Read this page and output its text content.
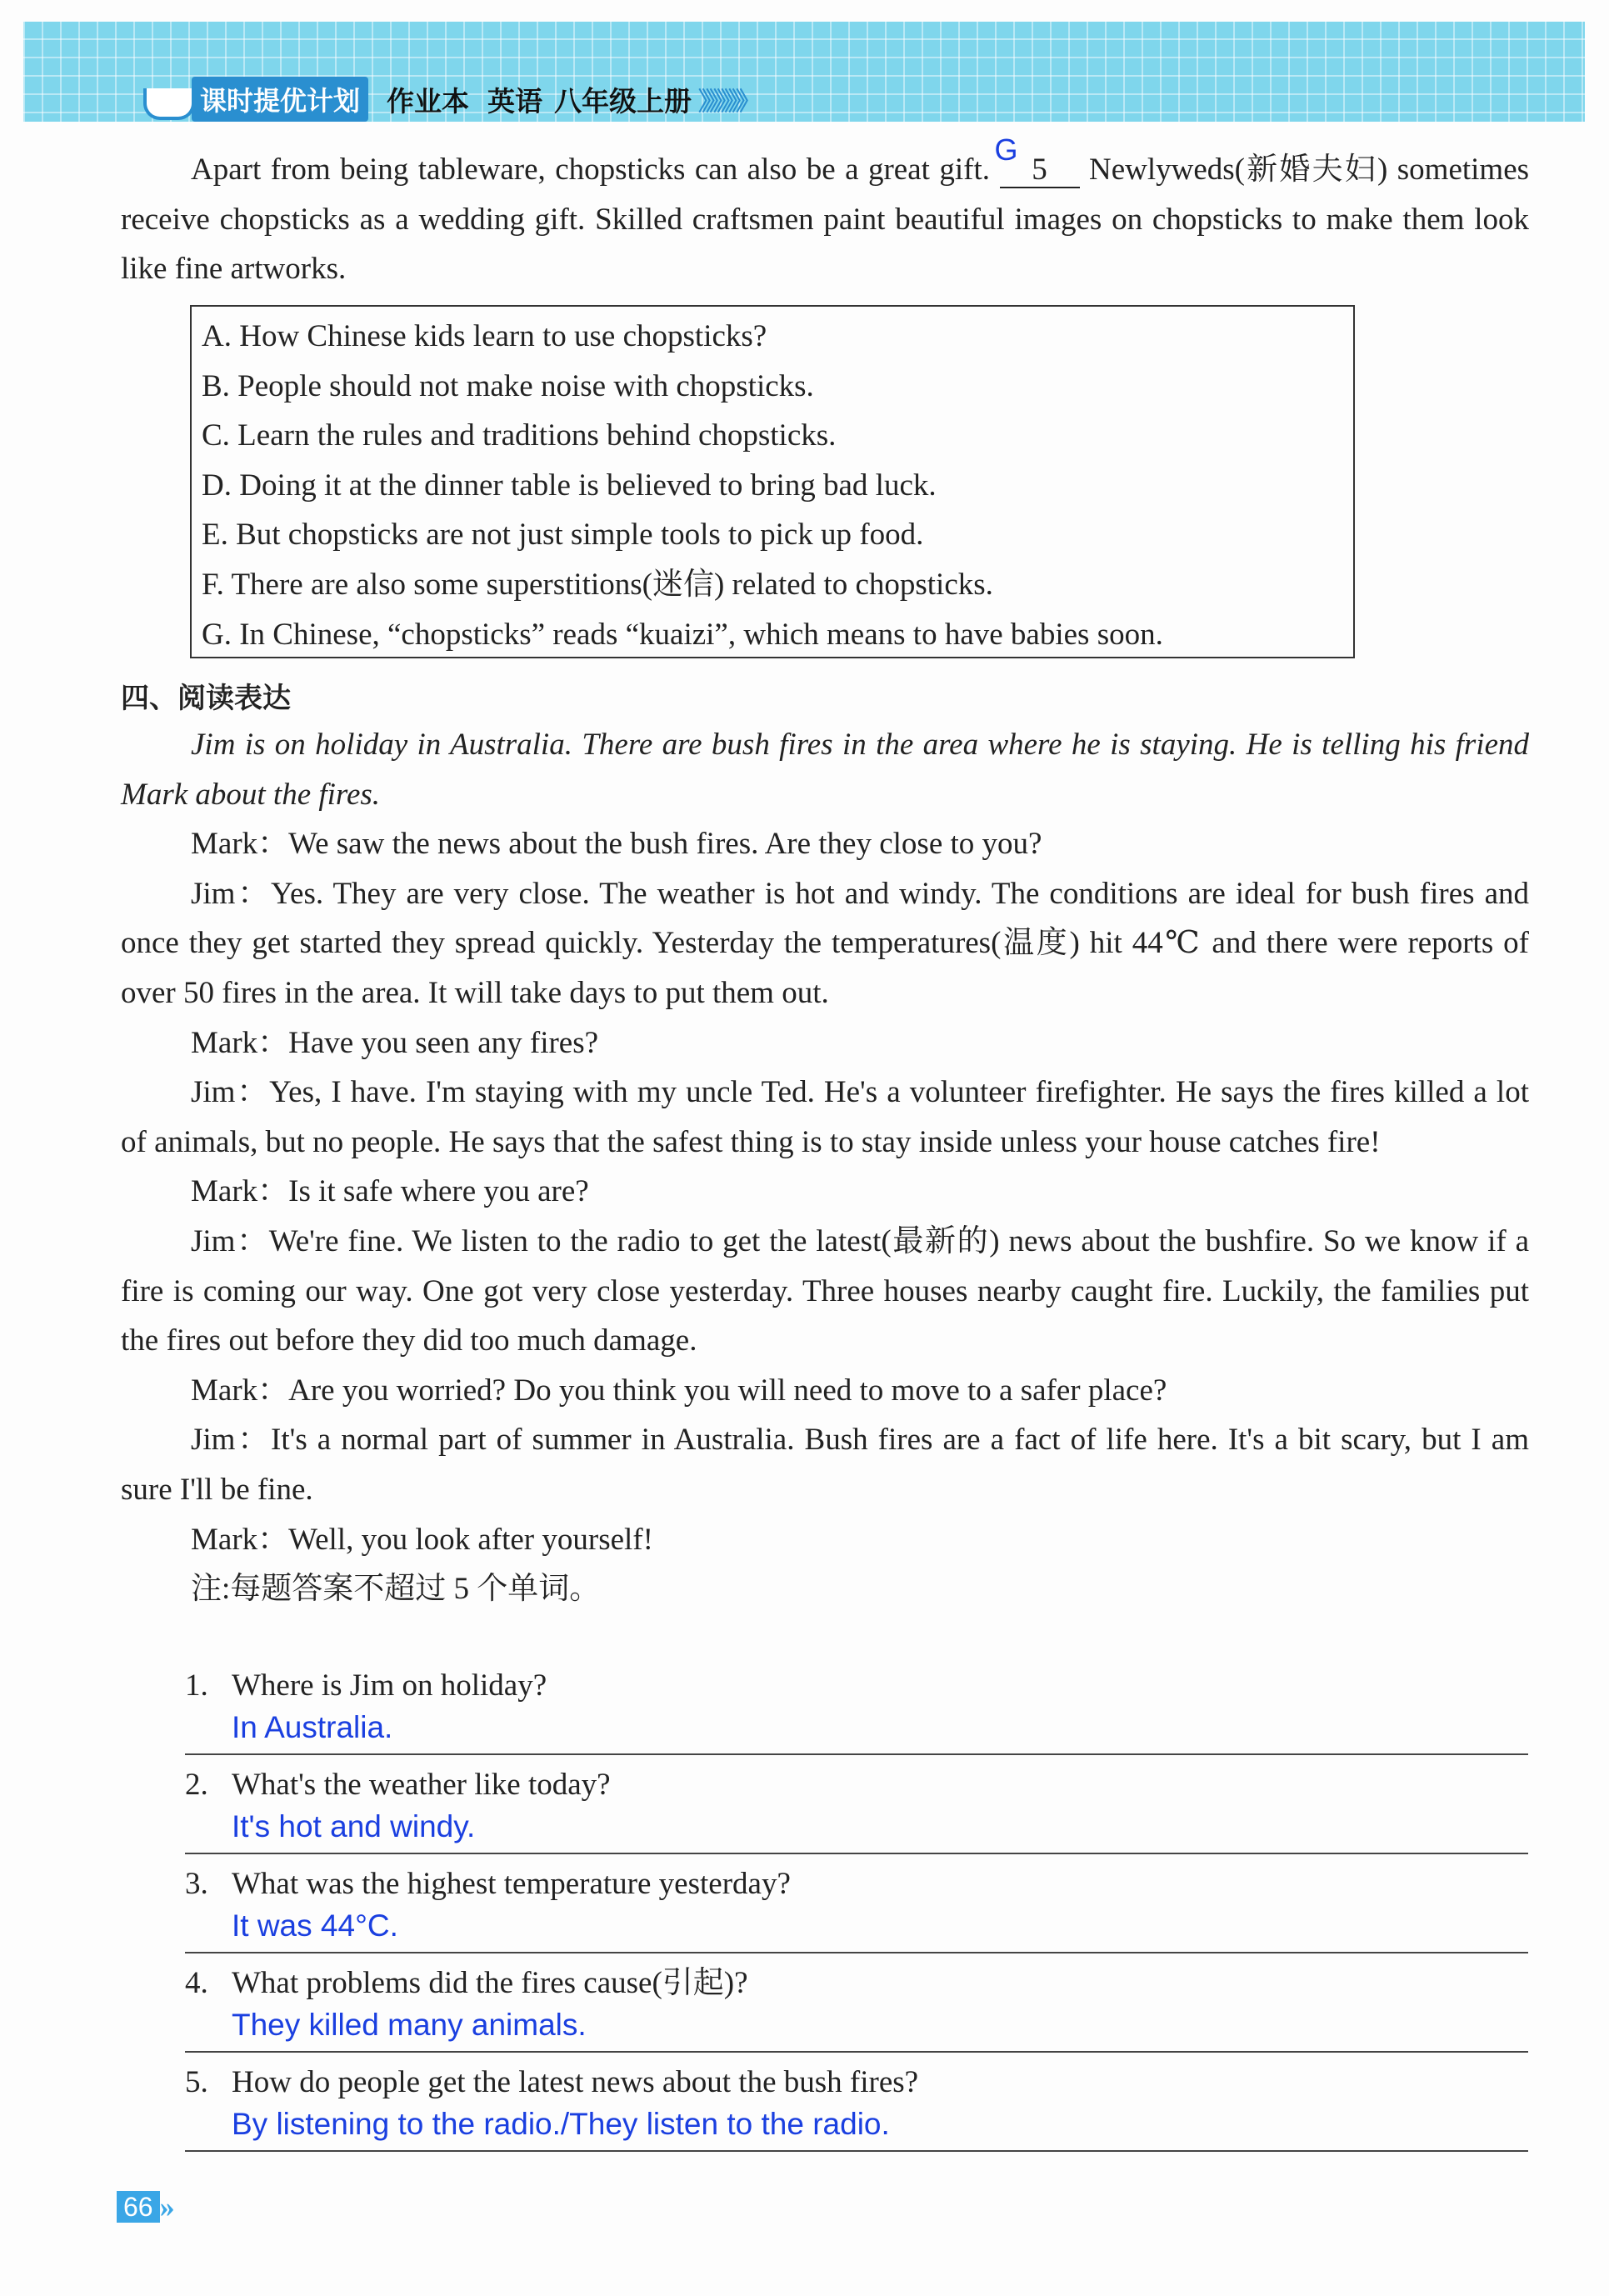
课时提优计划 作业本 英语 八年级上册 》》》》》》
Apart from being tableware, chopsticks can also be a great gift.
G
5 Newlyweds(新婚夫妇) sometimes receive chopsticks as a wedding gift. Skilled craftsmen paint beautiful images on chopsticks to make them look like fine artworks.
A. How Chinese kids learn to use chopsticks?
B. People should not make noise with chopsticks.
C. Learn the rules and traditions behind chopsticks.
D. Doing it at the dinner table is believed to bring bad luck.
E. But chopsticks are not just simple tools to pick up food.
F. There are also some superstitions(迷信) related to chopsticks.
G. In Chinese, “chopsticks” reads “kuaizi”, which means to have babies soon.
四、阅读表达
Jim is on holiday in Australia. There are bush fires in the area where he is staying. He is telling his friend Mark about the fires.
Mark：We saw the news about the bush fires. Are they close to you?
Jim：Yes. They are very close. The weather is hot and windy. The conditions are ideal for bush fires and once they get started they spread quickly. Yesterday the temperatures(温度) hit 44℃ and there were reports of over 50 fires in the area. It will take days to put them out.
Mark：Have you seen any fires?
Jim：Yes, I have. I'm staying with my uncle Ted. He's a volunteer firefighter. He says the fires killed a lot of animals, but no people. He says that the safest thing is to stay inside unless your house catches fire!
Mark：Is it safe where you are?
Jim：We're fine. We listen to the radio to get the latest(最新的) news about the bushfire. So we know if a fire is coming our way. One got very close yesterday. Three houses nearby caught fire. Luckily, the families put the fires out before they did too much damage.
Mark：Are you worried? Do you think you will need to move to a safer place?
Jim：It's a normal part of summer in Australia. Bush fires are a fact of life here. It's a bit scary, but I am sure I'll be fine.
Mark：Well, you look after yourself!
注:每题答案不超过 5 个单词。
1. Where is Jim on holiday?
In Australia.
2. What's the weather like today?
It's hot and windy.
3. What was the highest temperature yesterday?
It was 44°C.
4. What problems did the fires cause(引起)?
They killed many animals.
5. How do people get the latest news about the bush fires?
By listening to the radio./They listen to the radio.
66 »
